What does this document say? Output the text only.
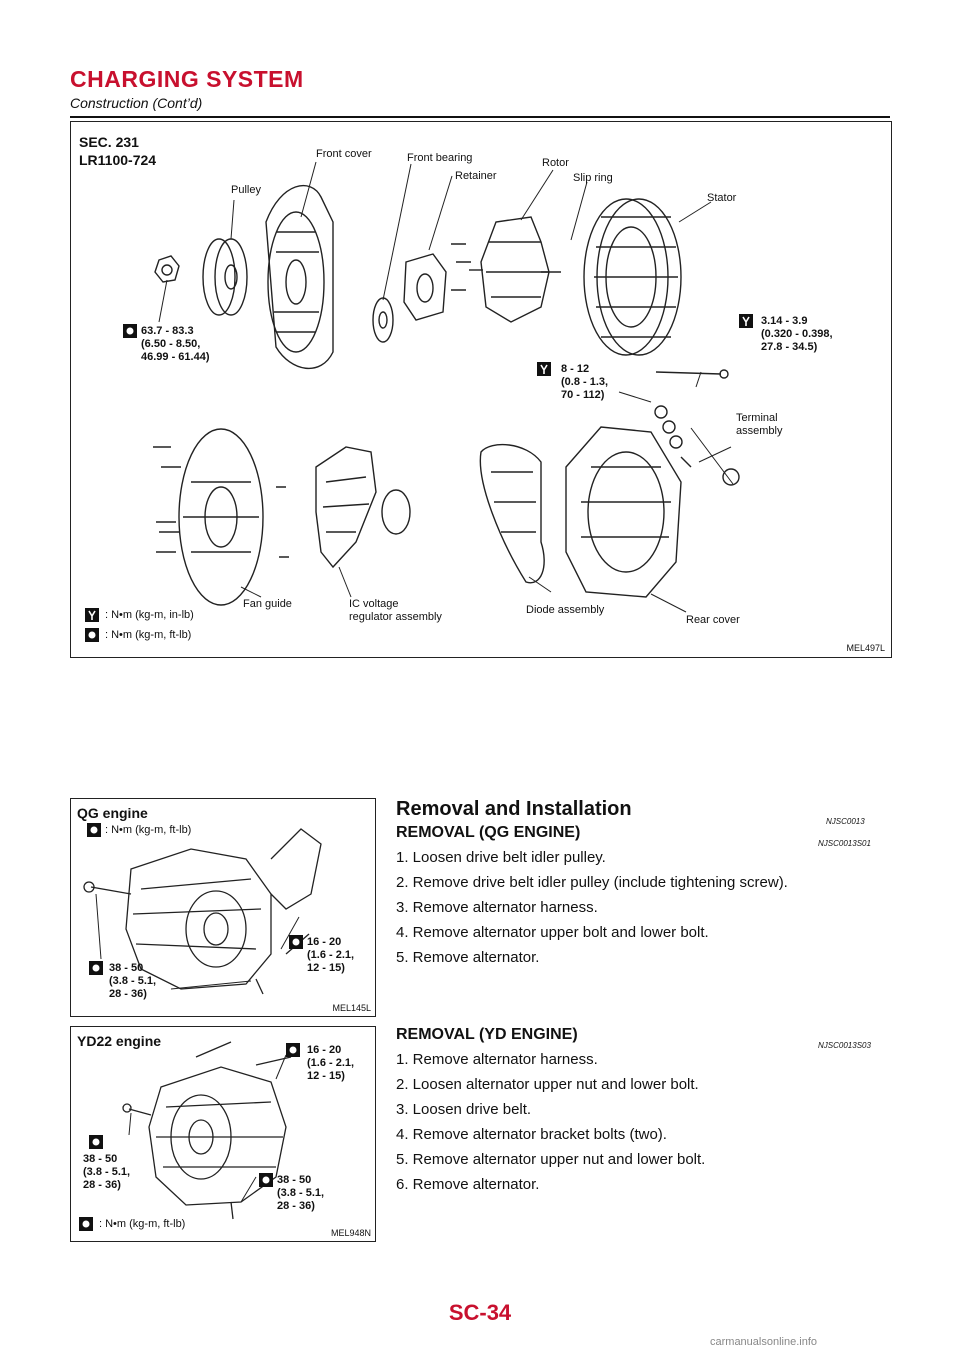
CHARGING SYSTEM
Construction (Cont’d)
SEC. 231
LR1100-724	Front cover	Front bearing	Rotor
Retainer	Slip ring
Pulley
Stator
63.7 - 83.3
(6.50 - 8.50,
46.99 - 61.44)
8 - 12
(0.8 - 1.3,
70 - 112)
3.14 - 3.9
(0.320 - 0.398,
27.8 - 34.5)
Terminal
assembly
Fan guide	IC voltage
regulator assembly
Diode assembly
Rear cover
: N•m (kg-m, in-lb)
: N•m (kg-m, ft-lb)
MEL497L
QG engine
: N•m (kg-m, ft-lb)
16 - 20
(1.6 - 2.1,
12 - 15)
38 - 50
(3.8 - 5.1,
28 - 36)
MEL145L
YD22 engine
16 - 20
(1.6 - 2.1,
12 - 15)
38 - 50
(3.8 - 5.1,
28 - 36)	38 - 50
(3.8 - 5.1,
28 - 36)
: N•m (kg-m, ft-lb)
MEL948N
Removal and Installation
NJSC0013
REMOVAL (QG ENGINE)
NJSC0013S01
1. Loosen drive belt idler pulley.
2. Remove drive belt idler pulley (include tightening screw).
3. Remove alternator harness.
4. Remove alternator upper bolt and lower bolt.
5. Remove alternator.
REMOVAL (YD ENGINE)
NJSC0013S03
1. Remove alternator harness.
2. Loosen alternator upper nut and lower bolt.
3. Loosen drive belt.
4. Remove alternator bracket bolts (two).
5. Remove alternator upper nut and lower bolt.
6. Remove alternator.
SC-34
carmanualsonline.info
